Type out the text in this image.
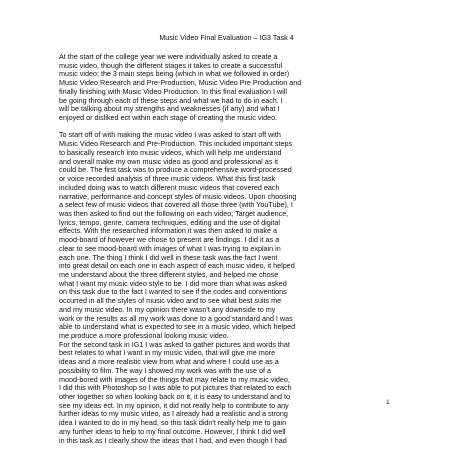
Music Video Final Evaluation – IG3 Task 4
At the start of the college year we were individually asked to create a
music video, though the different stages it takes to create a successful
music video; the 3 main steps being (which in what we followed in order)
Music Video Research and Pre-Production, Music Video Pre Production and
finally finishing with Music Video Production. In this final evaluation I will
be going through each of these steps and what we had to do in each. I
will be talking about my strengths and weaknesses (if any) and what I
enjoyed or disliked ect within each stage of creating the music video.
To start off of with making the music video I was asked to start off with
Music Video Research and Pre-Production. This included important steps
to basically research into music videos, which will help me understand
and overall make my own music video as good and professional as it
could be. The first task was to produce a comprehensive word-processed
or voice recorded analysis of three music videos. What this first task
included doing was to watch different music videos that covered each
narrative, performance and concept styles of music videos. Upon choosing
a select few of music videos that covered all those three (with YouTube), I
was then asked to find out the following on each video; Target audience,
lyrics, tempo, genre, camera techniques, editing and the use of digital
effects. With the researched information it was then asked to make a
mood-board of however we chose to present are findings. I did it as a
clear to see mood-board with images of what I was trying to explain in
each one. The thing I think I did well in these task was the fact I went
into great detail on each one in each aspect of each music video, it helped
me understand about the three different styles, and helped me chose
what I want my music video style to be. I did more than what was asked
on this task due to the fact I wanted to see if the codes and conventions
occurred in all the styles of music video and to see what best suits me
and my music video. In my opinion there wasn't any downside to my
work or the results as all my work was done to a good standard and I was
able to understand what is expected to see in a music video, which helped
me produce a more professional looking music video.
For the second task in IG1 I was asked to gather pictures and words that
best relates to what I want in my music video, that will give me more
ideas and a more realistic view from what and where I could use as a
possibility to film. The way I showed my work was with the use of a
mood-bored with images of the things that may relate to my music video,
I did this with Photoshop so I was able to put pictures that related to each
other together so when looking back on it, it is easy to understand and to
see my ideas ect. In my opinion, it did not really help to contribute to any
further ideas to my music video, as I already had a realistic and a strong
idea I wanted to do in my head, so this task didn't really help me to gain
any further ideas to help to my final outcome. However, I think I did well
in this task as I clearly show the ideas that I had, and even though I had
1
